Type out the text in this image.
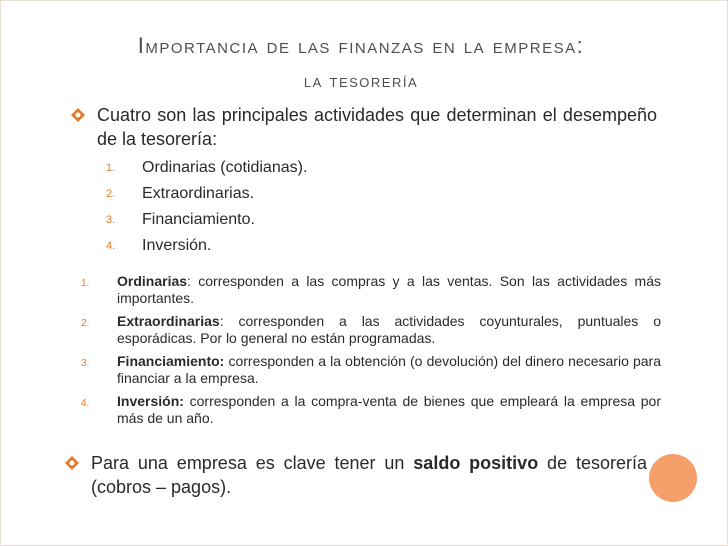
Importancia de las finanzas en la empresa:
la tesorería
Cuatro son las principales actividades que determinan el desempeño de la tesorería:
1.	Ordinarias (cotidianas).
2.	Extraordinarias.
3.	Financiamiento.
4.	Inversión.
1.	Ordinarias: corresponden a las compras y a las ventas. Son las actividades más importantes.
2.	Extraordinarias: corresponden a las actividades coyunturales, puntuales o esporádicas. Por lo general no están programadas.
3.	Financiamiento: corresponden a la obtención (o devolución) del dinero necesario para financiar a la empresa.
4.	Inversión: corresponden a la compra-venta de bienes que empleará la empresa por más de un año.
Para una empresa es clave tener un saldo positivo de tesorería (cobros – pagos).
